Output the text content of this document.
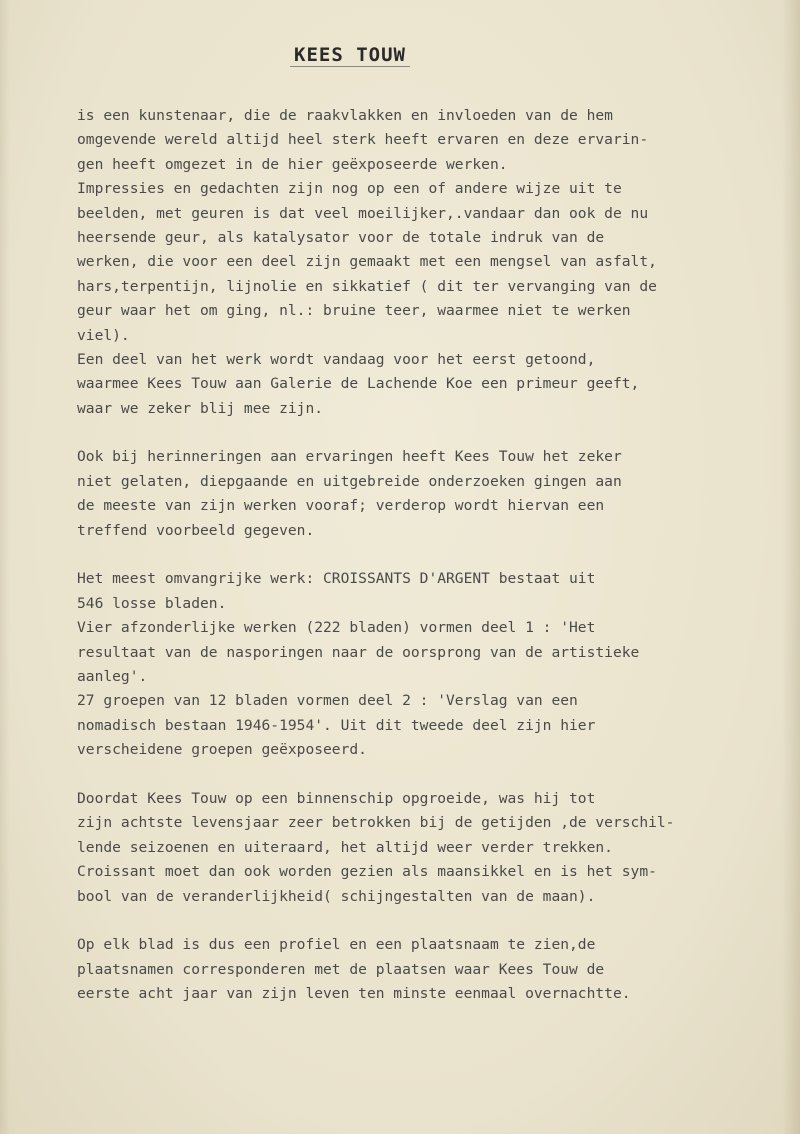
KEES TOUW
is een kunstenaar, die de raakvlakken en invloeden van de hem
omgevende wereld altijd heel sterk heeft ervaren en deze ervarin-
gen heeft omgezet in de hier geëxposeerde werken.
Impressies en gedachten zijn nog op een of andere wijze uit te
beelden, met geuren is dat veel moeilijker,.vandaar dan ook de nu
heersende geur, als katalysator voor de totale indruk van de
werken, die voor een deel zijn gemaakt met een mengsel van asfalt,
hars,terpentijn, lijnolie en sikkatief ( dit ter vervanging van de
geur waar het om ging, nl.: bruine teer, waarmee niet te werken
viel).
Een deel van het werk wordt vandaag voor het eerst getoond,
waarmee Kees Touw aan Galerie de Lachende Koe een primeur geeft,
waar we zeker blij mee zijn.
Ook bij herinneringen aan ervaringen heeft Kees Touw het zeker
niet gelaten, diepgaande en uitgebreide onderzoeken gingen aan
de meeste van zijn werken vooraf; verderop wordt hiervan een
treffend voorbeeld gegeven.
Het meest omvangrijke werk: CROISSANTS D'ARGENT bestaat uit
546 losse bladen.
Vier afzonderlijke werken (222 bladen) vormen deel 1 : 'Het
resultaat van de nasporingen naar de oorsprong van de artistieke
aanleg'.
27 groepen van 12 bladen vormen deel 2 : 'Verslag van een
nomadisch bestaan 1946-1954'. Uit dit tweede deel zijn hier
verscheidene groepen geëxposeerd.
Doordat Kees Touw op een binnenschip opgroeide, was hij tot
zijn achtste levensjaar zeer betrokken bij de getijden ,de verschil-
lende seizoenen en uiteraard, het altijd weer verder trekken.
Croissant moet dan ook worden gezien als maansikkel en is het sym-
bool van de veranderlijkheid( schijngestalten van de maan).
Op elk blad is dus een profiel en een plaatsnaam te zien,de
plaatsnamen corresponderen met de plaatsen waar Kees Touw de
eerste acht jaar van zijn leven ten minste eenmaal overnachtte.
